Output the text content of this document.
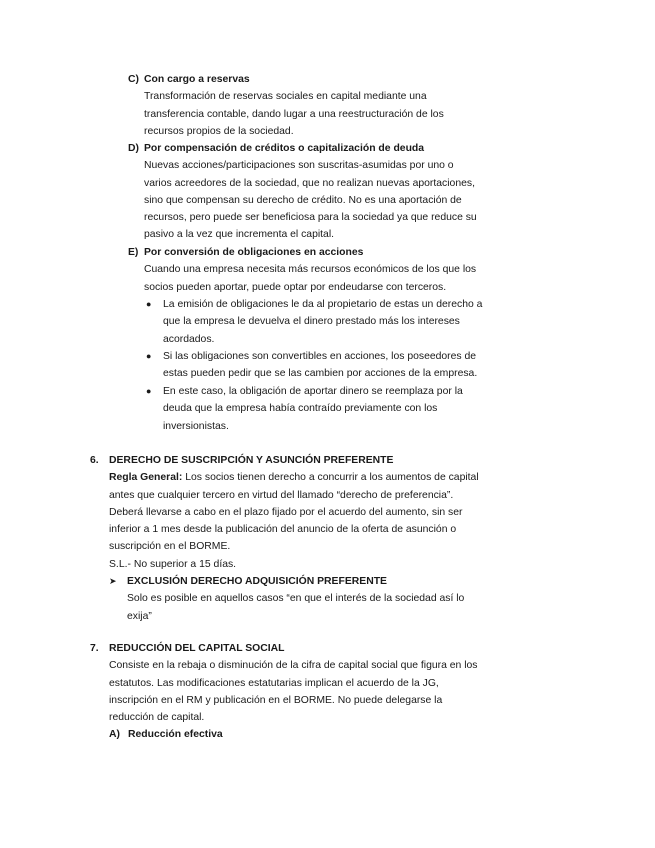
C) Con cargo a reservas
Transformación de reservas sociales en capital mediante una
transferencia contable, dando lugar a una reestructuración de los
recursos propios de la sociedad.
D) Por compensación de créditos o capitalización de deuda
Nuevas acciones/participaciones son suscritas-asumidas por uno o
varios acreedores de la sociedad, que no realizan nuevas aportaciones,
sino que compensan su derecho de crédito. No es una aportación de
recursos, pero puede ser beneficiosa para la sociedad ya que reduce su
pasivo a la vez que incrementa el capital.
E) Por conversión de obligaciones en acciones
Cuando una empresa necesita más recursos económicos de los que los
socios pueden aportar, puede optar por endeudarse con terceros.
● La emisión de obligaciones le da al propietario de estas un derecho a
que la empresa le devuelva el dinero prestado más los intereses
acordados.
● Si las obligaciones son convertibles en acciones, los poseedores de
estas pueden pedir que se las cambien por acciones de la empresa.
● En este caso, la obligación de aportar dinero se reemplaza por la
deuda que la empresa había contraído previamente con los
inversionistas.
6. DERECHO DE SUSCRIPCIÓN Y ASUNCIÓN PREFERENTE
Regla General: Los socios tienen derecho a concurrir a los aumentos de capital
antes que cualquier tercero en virtud del llamado “derecho de preferencia”.
Deberá llevarse a cabo en el plazo fijado por el acuerdo del aumento, sin ser
inferior a 1 mes desde la publicación del anuncio de la oferta de asunción o
suscripción en el BORME.
S.L.- No superior a 15 días.
➤ EXCLUSIÓN DERECHO ADQUISICIÓN PREFERENTE
Solo es posible en aquellos casos “en que el interés de la sociedad así lo
exija”
7. REDUCCIÓN DEL CAPITAL SOCIAL
Consiste en la rebaja o disminución de la cifra de capital social que figura en los
estatutos. Las modificaciones estatutarias implican el acuerdo de la JG,
inscripción en el RM y publicación en el BORME. No puede delegarse la
reducción de capital.
A) Reducción efectiva
